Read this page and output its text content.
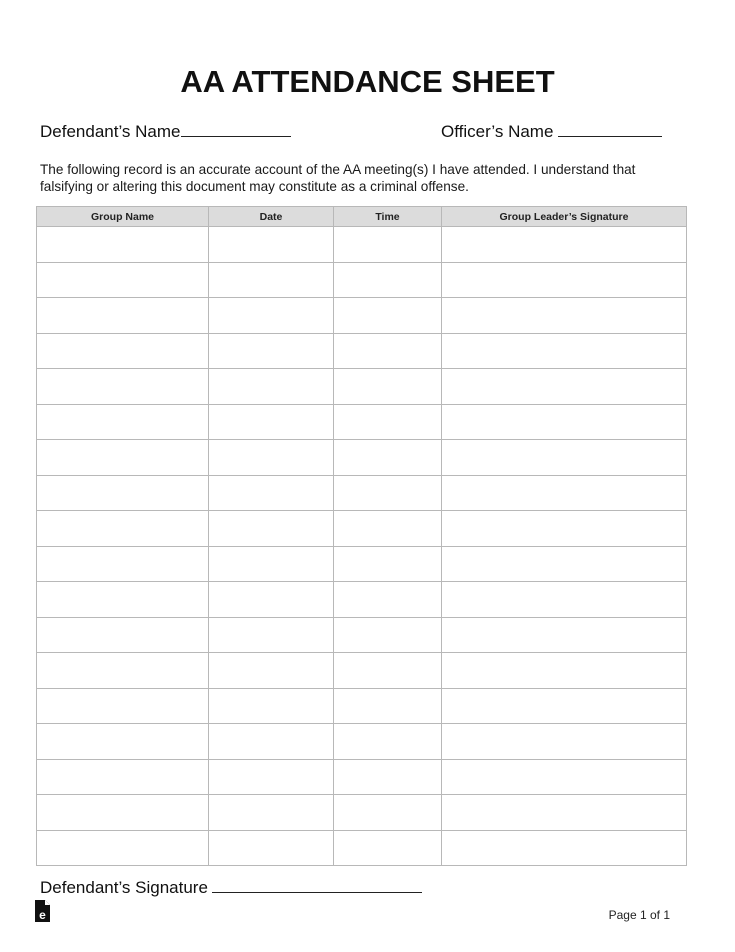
AA ATTENDANCE SHEET
Defendant’s Name	Officer’s Name
The following record is an accurate account of the AA meeting(s) I have attended. I understand that falsifying or altering this document may constitute as a criminal offense.
Group Name	Date	Time	Group Leader’s Signature

Defendant’s Signature
e	Page 1 of 1
